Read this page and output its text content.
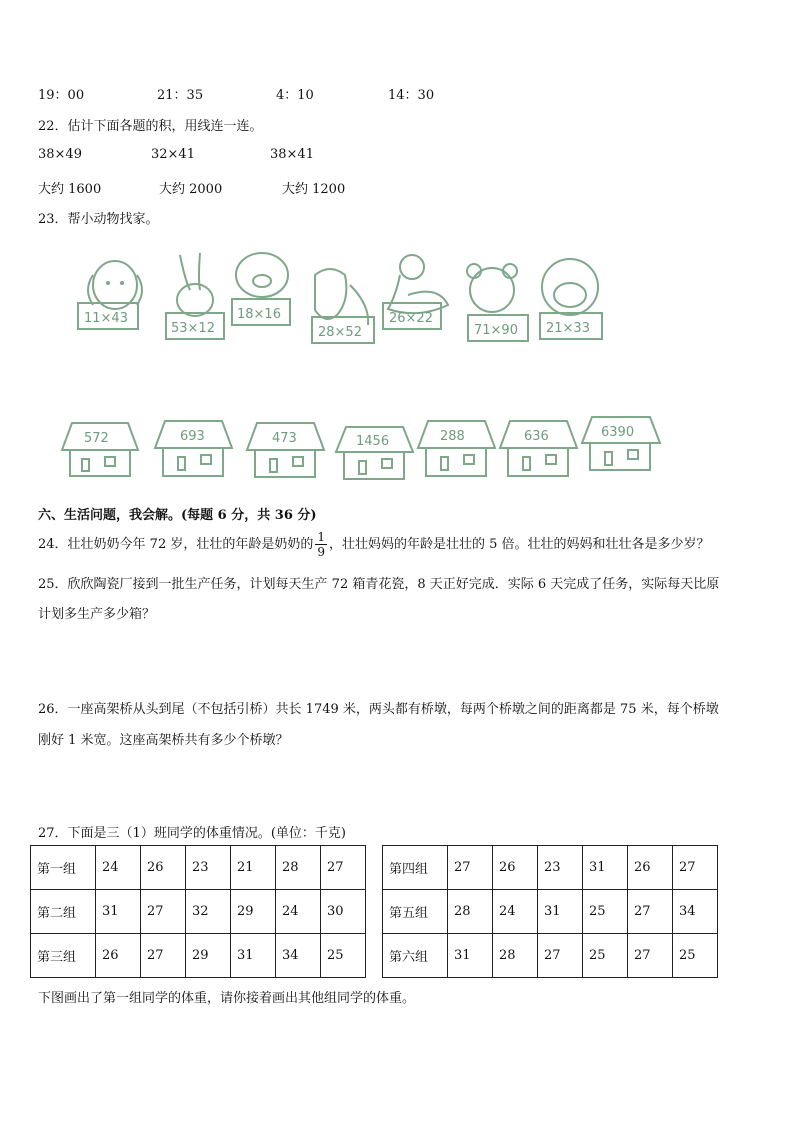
19：00	21：35	4：10	14：30
22．估计下面各题的积，用线连一连。
38×49	32×41	38×41
大约 1600	大约 2000	大约 1200
23．帮小动物找家。
11×43
53×12
18×16
28×52
26×22
71×90 21×33
572	693	473	1456	288	636	6390
六、生活问题，我会解。(每题 6 分，共 36 分)
24．壮壮奶奶今年 72 岁，壮壮的年龄是奶奶的 $\frac{1}{9}$ ，壮壮妈妈的年龄是壮壮的 5 倍。壮壮的妈妈和壮壮各是多少岁？
25．欣欣陶瓷厂接到一批生产任务，计划每天生产 72 箱青花瓷，8 天正好完成．实际 6 天完成了任务，实际每天比原
计划多生产多少箱？
26．一座高架桥从头到尾（不包括引桥）共长 1749 米，两头都有桥墩，每两个桥墩之间的距离都是 75 米，每个桥墩
刚好 1 米宽。这座高架桥共有多少个桥墩？
27．下面是三（1）班同学的体重情况。(单位：千克)
第一组	24	26	23	21	28	27		第四组	27	26	23	31	26	27
第二组	31	27	32	29	24	30		第五组	28	24	31	25	27	34
第三组	26	27	29	31	34	25		第六组	31	28	27	25	27	25
下图画出了第一组同学的体重，请你接着画出其他组同学的体重。
